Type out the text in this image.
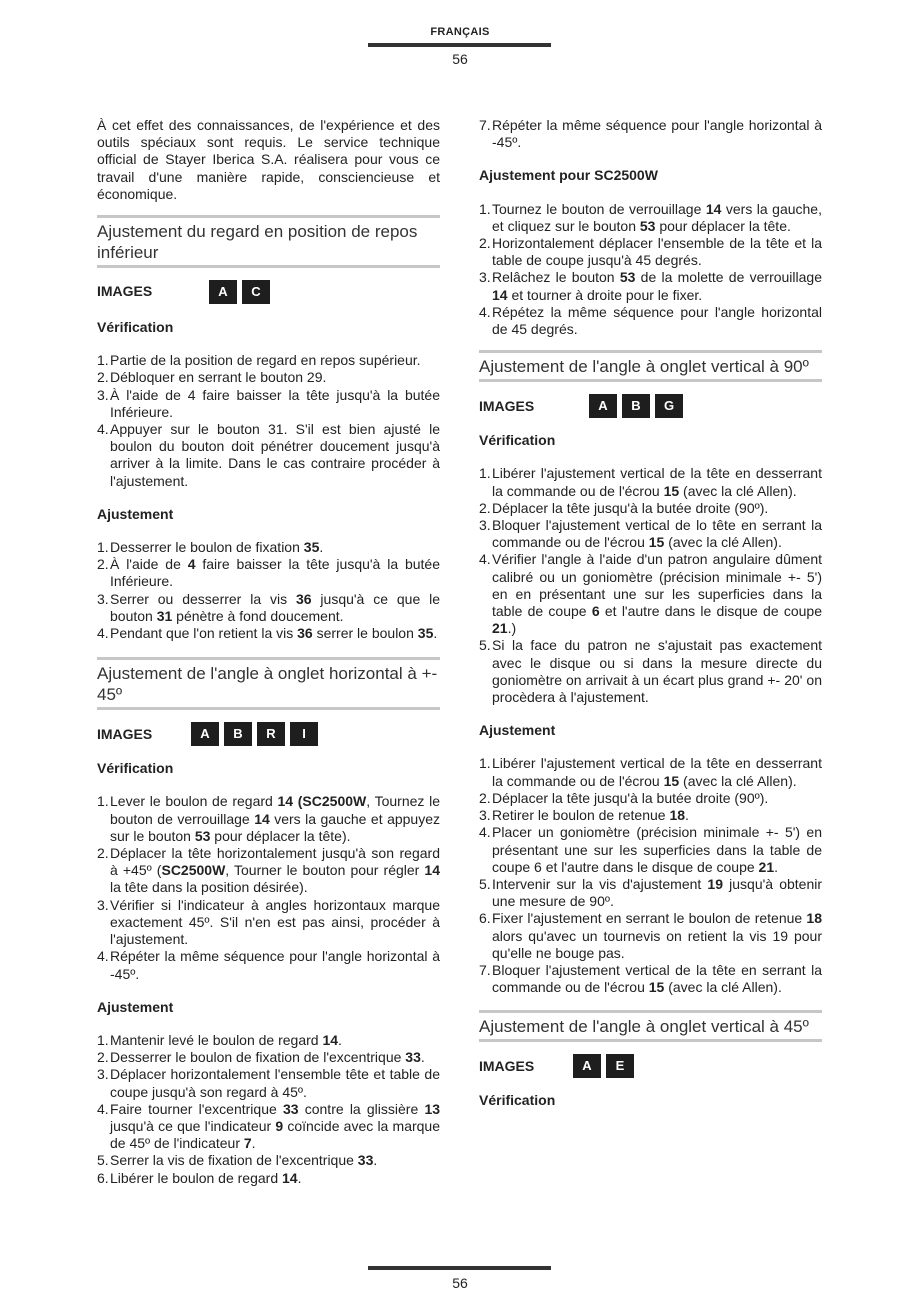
FRANÇAIS
56

À cet effet des connaissances, de l'expérience et des outils spéciaux sont requis. Le service technique official de Stayer Iberica S.A. réalisera pour vous ce travail d'une manière rapide, consciencieuse et économique.

Ajustement du regard en position de repos inférieur
IMAGES	A	C
Vérification
1.Partie de la position de regard en repos supérieur.
2.Débloquer en serrant le bouton 29.
3.À l'aide de 4 faire baisser la tête jusqu'à la butée Inférieure.
4.Appuyer sur le bouton 31. S'il est bien ajusté le boulon du bouton doit pénétrer doucement jusqu'à arriver à la limite. Dans le cas contraire procéder à l'ajustement.
Ajustement
1.Desserrer le boulon de fixation 35.
2.À l'aide de 4 faire baisser la tête jusqu'à la butée Inférieure.
3.Serrer ou desserrer la vis 36 jusqu'à ce que le bouton 31 pénètre à fond doucement.
4.Pendant que l'on retient la vis 36 serrer le boulon 35.
Ajustement de l'angle à onglet horizontal à +- 45º
IMAGES	A	B	R	I
Vérification
1.Lever le boulon de regard 14 (SC2500W, Tournez le bouton de verrouillage 14 vers la gauche et appuyez sur le bouton 53 pour déplacer la tête).
2.Déplacer la tête horizontalement jusqu'à son regard à +45º (SC2500W, Tourner le bouton pour régler 14 la tête dans la position désirée).
3.Vérifier si l'indicateur à angles horizontaux marque exactement 45º. S'il n'en est pas ainsi, procéder à l'ajustement.
4.Répéter la même séquence pour l'angle horizontal à -45º.
Ajustement
1.Mantenir levé le boulon de regard 14.
2.Desserrer le boulon de fixation de l'excentrique 33.
3.Déplacer horizontalement l'ensemble tête et table de coupe jusqu'à son regard à 45º.
4.Faire tourner l'excentrique 33 contre la glissière 13 jusqu'à ce que l'indicateur 9 coïncide avec la marque de 45º de l'indicateur 7.
5.Serrer la vis de fixation de l'excentrique 33.
6.Libérer le boulon de regard 14.
7.Répéter la même séquence pour l'angle horizontal à -45º.
Ajustement pour SC2500W
1.Tournez le bouton de verrouillage 14 vers la gauche, et cliquez sur le bouton 53 pour déplacer la tête.
2.Horizontalement déplacer l'ensemble de la tête et la table de coupe jusqu'à 45 degrés.
3.Relâchez le bouton 53 de la molette de verrouillage 14 et tourner à droite pour le fixer.
4.Répétez la même séquence pour l'angle horizontal de 45 degrés.
Ajustement de l'angle à onglet vertical à 90º
IMAGES	A	B	G
Vérification
1.Libérer l'ajustement vertical de la tête en desserrant la commande ou de l'écrou 15 (avec la clé Allen).
2.Déplacer la tête jusqu'à la butée droite (90º).
3.Bloquer l'ajustement vertical de lo tête en serrant la commande ou de l'écrou 15 (avec la clé Allen).
4.Vérifier l'angle à l'aide d'un patron angulaire dûment calibré ou un goniomètre (précision minimale +- 5') en en présentant une sur les superficies dans la table de coupe 6 et l'autre dans le disque de coupe 21.)
5.Si la face du patron ne s'ajustait pas exactement avec le disque ou si dans la mesure directe du goniomètre on arrivait à un écart plus grand +- 20' on procèdera à l'ajustement.
Ajustement
1.Libérer l'ajustement vertical de la tête en desserrant la commande ou de l'écrou 15 (avec la clé Allen).
2.Déplacer la tête jusqu'à la butée droite (90º).
3.Retirer le boulon de retenue 18.
4.Placer un goniomètre (précision minimale +- 5') en présentant une sur les superficies dans la table de coupe 6 et l'autre dans le disque de coupe 21.
5.Intervenir sur la vis d'ajustement 19 jusqu'à obtenir une mesure de 90º.
6.Fixer l'ajustement en serrant le boulon de retenue 18 alors qu'avec un tournevis on retient la vis 19 pour qu'elle ne bouge pas.
7.Bloquer l'ajustement vertical de la tête en serrant la commande ou de l'écrou 15 (avec la clé Allen).
Ajustement de l'angle à onglet vertical à 45º
IMAGES	A	E
Vérification
56
